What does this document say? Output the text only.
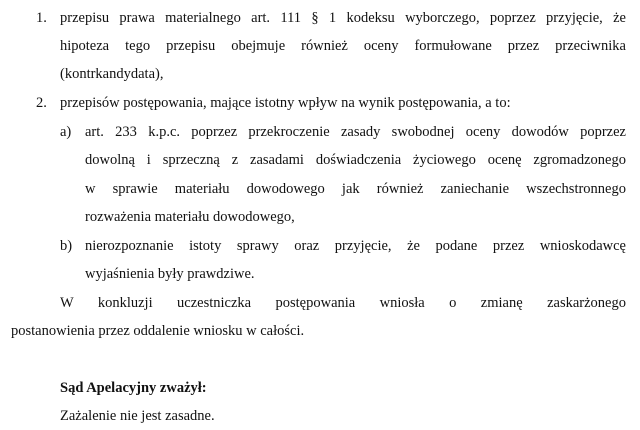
1. przepisu prawa materialnego art. 111 § 1 kodeksu wyborczego, poprzez przyjęcie, że
hipoteza tego przepisu obejmuje również oceny formułowane przez przeciwnika
(kontrkandydata),
2. przepisów postępowania, mające istotny wpływ na wynik postępowania, a to:
a) art. 233 k.p.c. poprzez przekroczenie zasady swobodnej oceny dowodów poprzez
dowolną i sprzeczną z zasadami doświadczenia życiowego ocenę zgromadzonego
w sprawie materiału dowodowego jak również zaniechanie wszechstronnego
rozważenia materiału dowodowego,
b) nierozpoznanie istoty sprawy oraz przyjęcie, że podane przez wnioskodawcę
wyjaśnienia były prawdziwe.
W konkluzji uczestniczka postępowania wniosła o zmianę zaskarżonego
postanowienia przez oddalenie wniosku w całości.
Sąd Apelacyjny zważył:
Zażalenie nie jest zasadne.
